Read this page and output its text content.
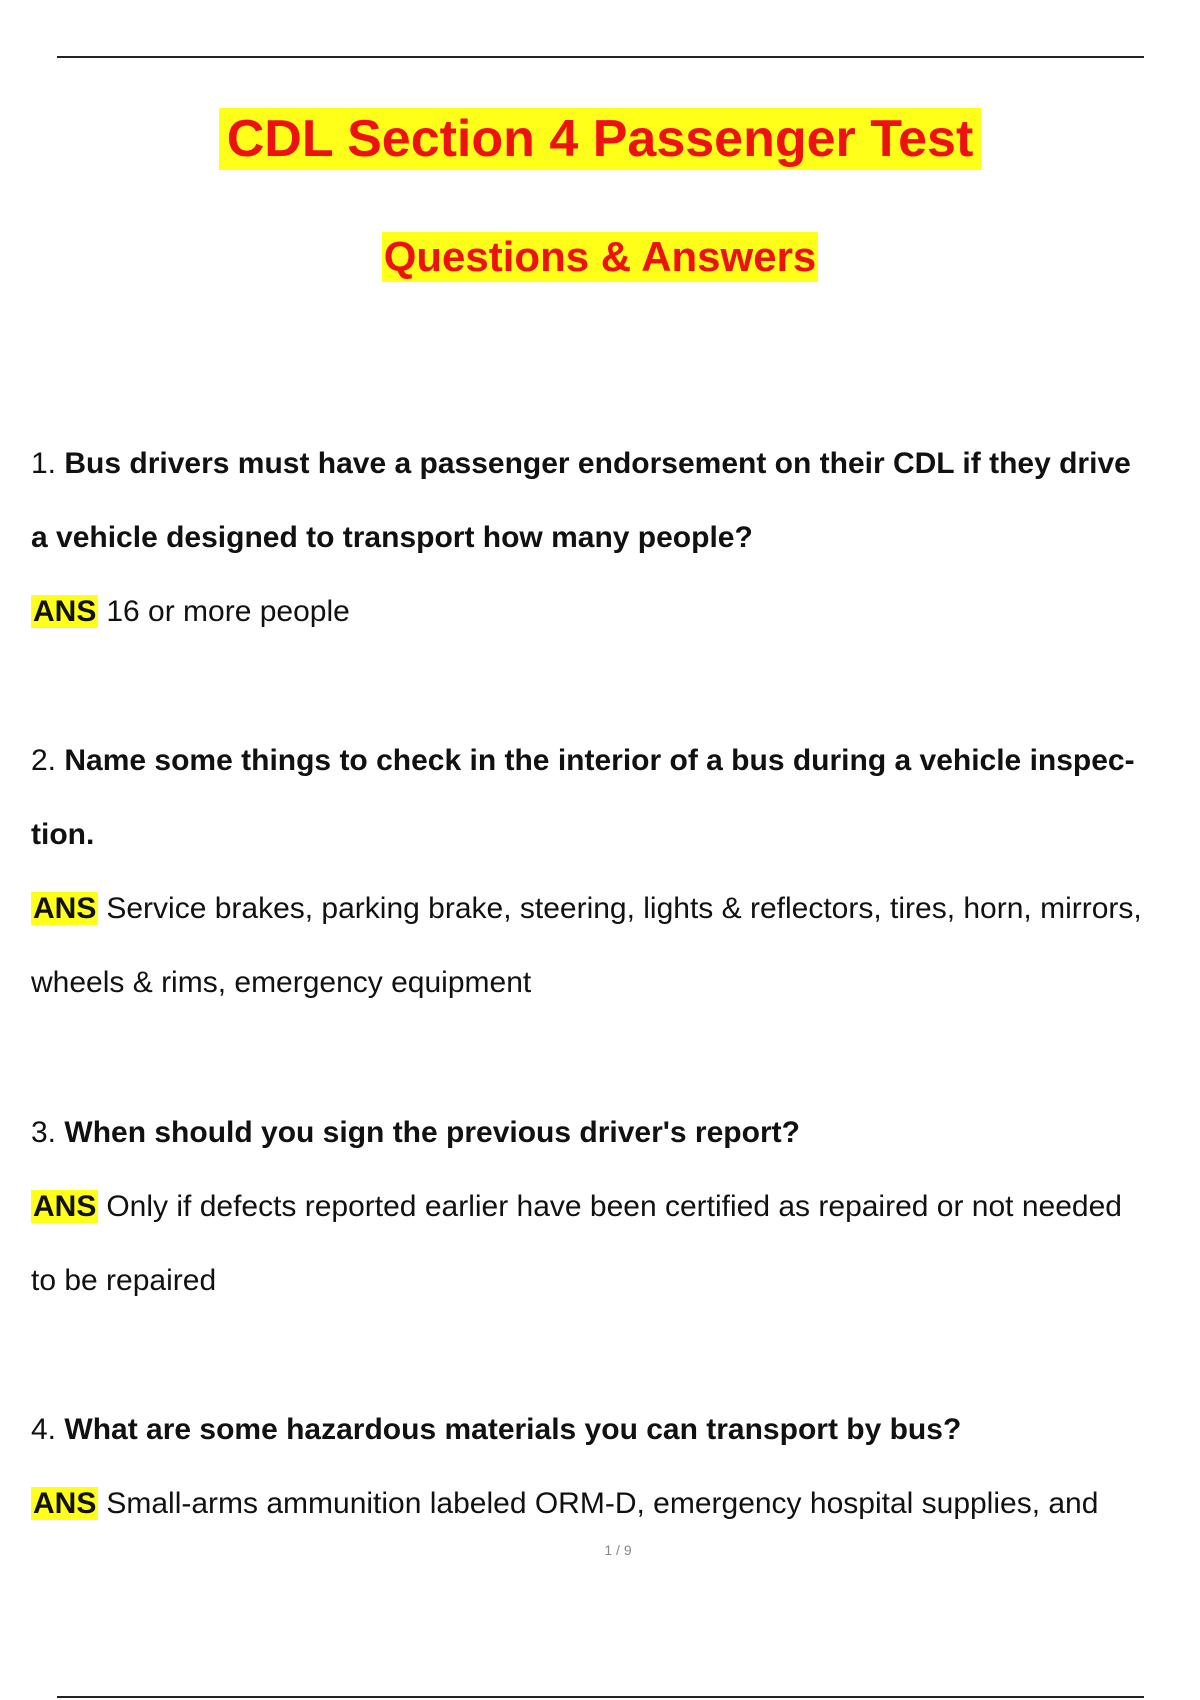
CDL Section 4 Passenger Test
Questions & Answers
1. Bus drivers must have a passenger endorsement on their CDL if they drive
a vehicle designed to transport how many people?
ANS 16 or more people
2. Name some things to check in the interior of a bus during a vehicle inspec-
tion.
ANS Service brakes, parking brake, steering, lights & reflectors, tires, horn, mirrors,
wheels & rims, emergency equipment
3. When should you sign the previous driver's report?
ANS Only if defects reported earlier have been certified as repaired or not needed
to be repaired
4. What are some hazardous materials you can transport by bus?
ANS Small-arms ammunition labeled ORM-D, emergency hospital supplies, and
1 / 9
